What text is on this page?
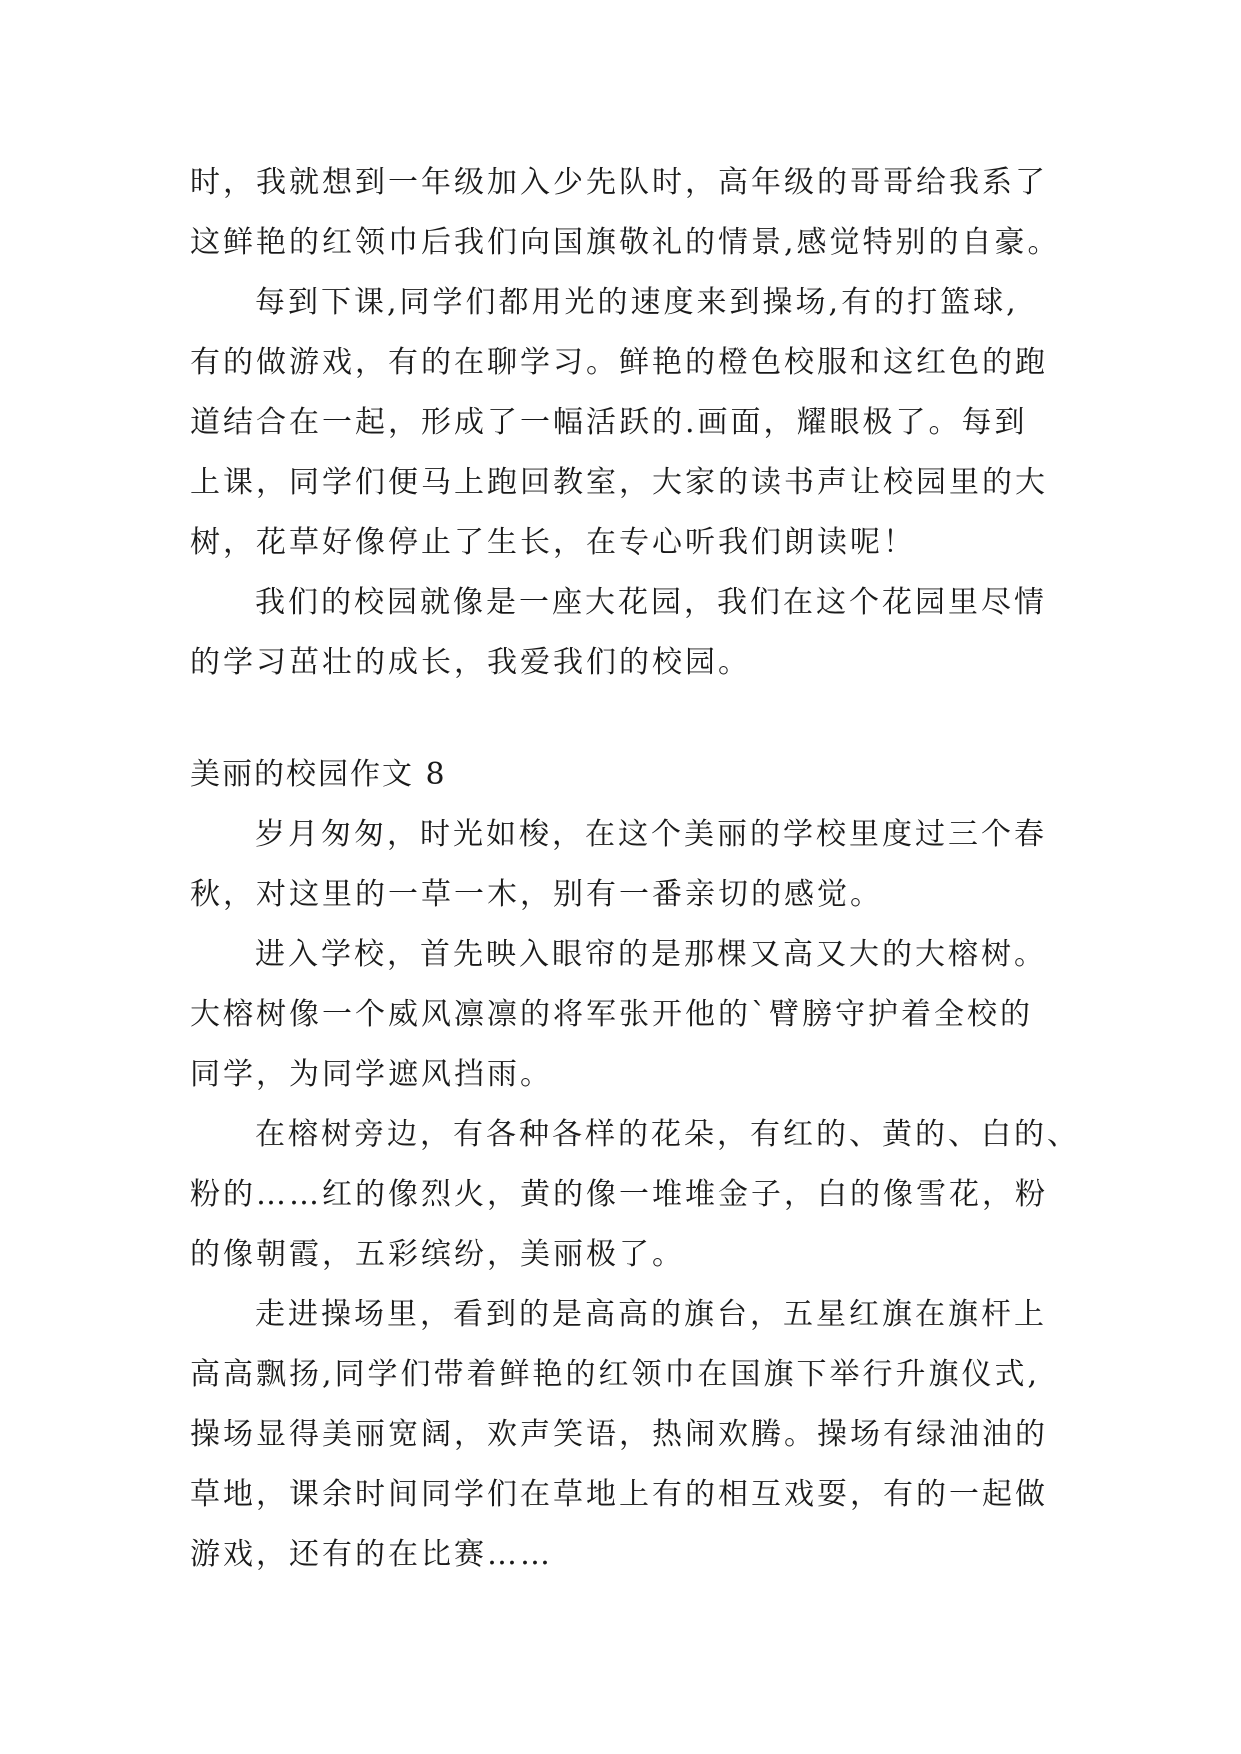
时，我就想到一年级加入少先队时，高年级的哥哥给我系了
这鲜艳的红领巾后我们向国旗敬礼的情景,感觉特别的自豪。
每到下课,同学们都用光的速度来到操场,有的打篮球,
有的做游戏，有的在聊学习。鲜艳的橙色校服和这红色的跑
道结合在一起，形成了一幅活跃的.画面，耀眼极了。每到
上课，同学们便马上跑回教室，大家的读书声让校园里的大
树，花草好像停止了生长，在专心听我们朗读呢！
我们的校园就像是一座大花园，我们在这个花园里尽情
的学习茁壮的成长，我爱我们的校园。
美丽的校园作文 8
岁月匆匆，时光如梭，在这个美丽的学校里度过三个春
秋，对这里的一草一木，别有一番亲切的感觉。
进入学校，首先映入眼帘的是那棵又高又大的大榕树。
大榕树像一个威风凛凛的将军张开他的`臂膀守护着全校的
同学，为同学遮风挡雨。
在榕树旁边，有各种各样的花朵，有红的、黄的、白的、
粉的……红的像烈火，黄的像一堆堆金子，白的像雪花，粉
的像朝霞，五彩缤纷，美丽极了。
走进操场里，看到的是高高的旗台，五星红旗在旗杆上
高高飘扬,同学们带着鲜艳的红领巾在国旗下举行升旗仪式,
操场显得美丽宽阔，欢声笑语，热闹欢腾。操场有绿油油的
草地，课余时间同学们在草地上有的相互戏耍，有的一起做
游戏，还有的在比赛……
